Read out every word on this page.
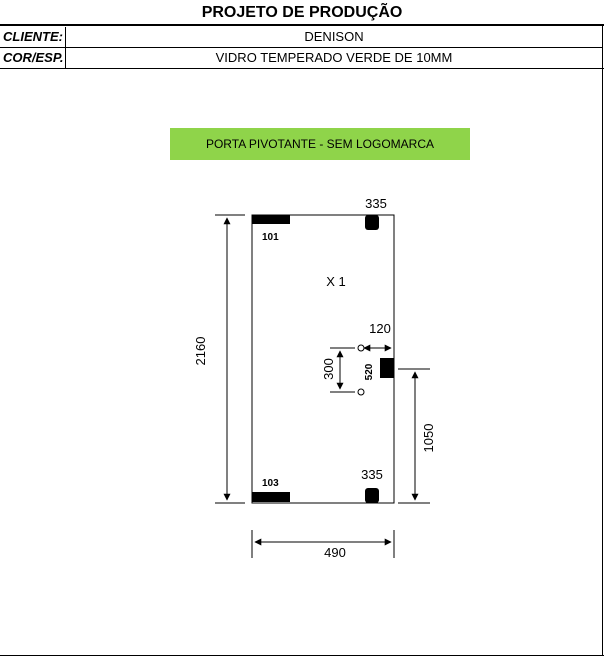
PROJETO DE PRODUÇÃO
CLIENTE:	DENISON
COR/ESP.	VIDRO TEMPERADO VERDE DE 10MM
PORTA PIVOTANTE - SEM LOGOMARCA
2160
490
1050
300
120
520
335
335
101
103
X 1
